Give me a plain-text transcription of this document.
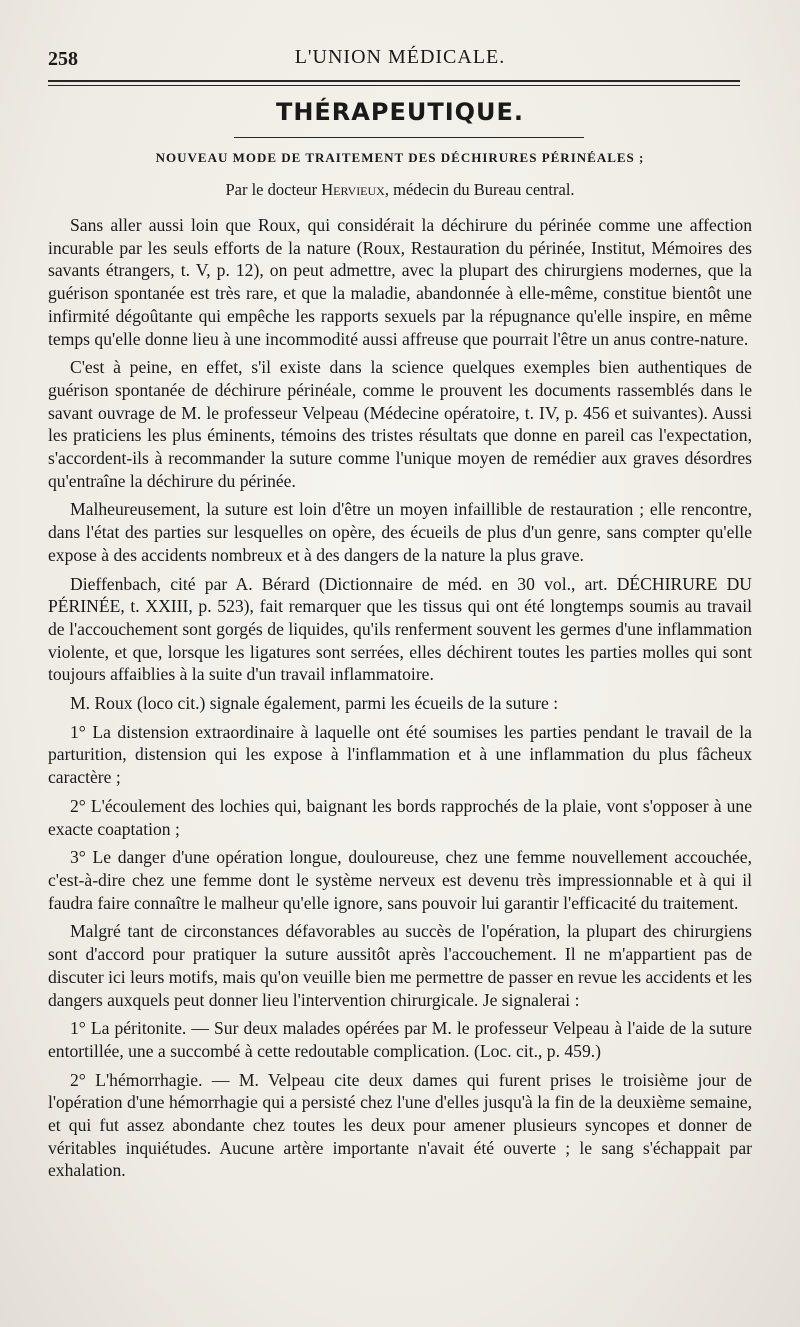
258	L'UNION MÉDICALE.
THÉRAPEUTIQUE.
NOUVEAU MODE DE TRAITEMENT DES DÉCHIRURES PÉRINÉALES ;
Par le docteur Hervieux, médecin du Bureau central.

Sans aller aussi loin que Roux, qui considérait la déchirure du périnée comme une affection incurable par les seuls efforts de la nature (Roux, Restauration du périnée, Institut, Mémoires des savants étrangers, t. V, p. 12), on peut admettre, avec la plupart des chirurgiens modernes, que la guérison spontanée est très rare, et que la maladie, abandonnée à elle-même, constitue bientôt une infirmité dégoûtante qui empêche les rapports sexuels par la répugnance qu'elle inspire, en même temps qu'elle donne lieu à une incommodité aussi affreuse que pourrait l'être un anus contre-nature.

C'est à peine, en effet, s'il existe dans la science quelques exemples bien authentiques de guérison spontanée de déchirure périnéale, comme le prouvent les documents rassemblés dans le savant ouvrage de M. le professeur Velpeau (Médecine opératoire, t. IV, p. 456 et suivantes). Aussi les praticiens les plus éminents, témoins des tristes résultats que donne en pareil cas l'expectation, s'accordent-ils à recommander la suture comme l'unique moyen de remédier aux graves désordres qu'entraîne la déchirure du périnée.

Malheureusement, la suture est loin d'être un moyen infaillible de restauration ; elle rencontre, dans l'état des parties sur lesquelles on opère, des écueils de plus d'un genre, sans compter qu'elle expose à des accidents nombreux et à des dangers de la nature la plus grave.

Dieffenbach, cité par A. Bérard (Dictionnaire de méd. en 30 vol., art. DÉCHIRURE DU PÉRINÉE, t. XXIII, p. 523), fait remarquer que les tissus qui ont été longtemps soumis au travail de l'accouchement sont gorgés de liquides, qu'ils renferment souvent les germes d'une inflammation violente, et que, lorsque les ligatures sont serrées, elles déchirent toutes les parties molles qui sont toujours affaiblies à la suite d'un travail inflammatoire.

M. Roux (loco cit.) signale également, parmi les écueils de la suture :

1° La distension extraordinaire à laquelle ont été soumises les parties pendant le travail de la parturition, distension qui les expose à l'inflammation et à une inflammation du plus fâcheux caractère ;

2° L'écoulement des lochies qui, baignant les bords rapprochés de la plaie, vont s'opposer à une exacte coaptation ;

3° Le danger d'une opération longue, douloureuse, chez une femme nouvellement accouchée, c'est-à-dire chez une femme dont le système nerveux est devenu très impressionnable et à qui il faudra faire connaître le malheur qu'elle ignore, sans pouvoir lui garantir l'efficacité du traitement.

Malgré tant de circonstances défavorables au succès de l'opération, la plupart des chirurgiens sont d'accord pour pratiquer la suture aussitôt après l'accouchement. Il ne m'appartient pas de discuter ici leurs motifs, mais qu'on veuille bien me permettre de passer en revue les accidents et les dangers auxquels peut donner lieu l'intervention chirurgicale. Je signalerai :

1° La péritonite. — Sur deux malades opérées par M. le professeur Velpeau à l'aide de la suture entortillée, une a succombé à cette redoutable complication. (Loc. cit., p. 459.)

2° L'hémorrhagie. — M. Velpeau cite deux dames qui furent prises le troisième jour de l'opération d'une hémorrhagie qui a persisté chez l'une d'elles jusqu'à la fin de la deuxième semaine, et qui fut assez abondante chez toutes les deux pour amener plusieurs syncopes et donner de véritables inquiétudes. Aucune artère importante n'avait été ouverte ; le sang s'échappait par exhalation.
